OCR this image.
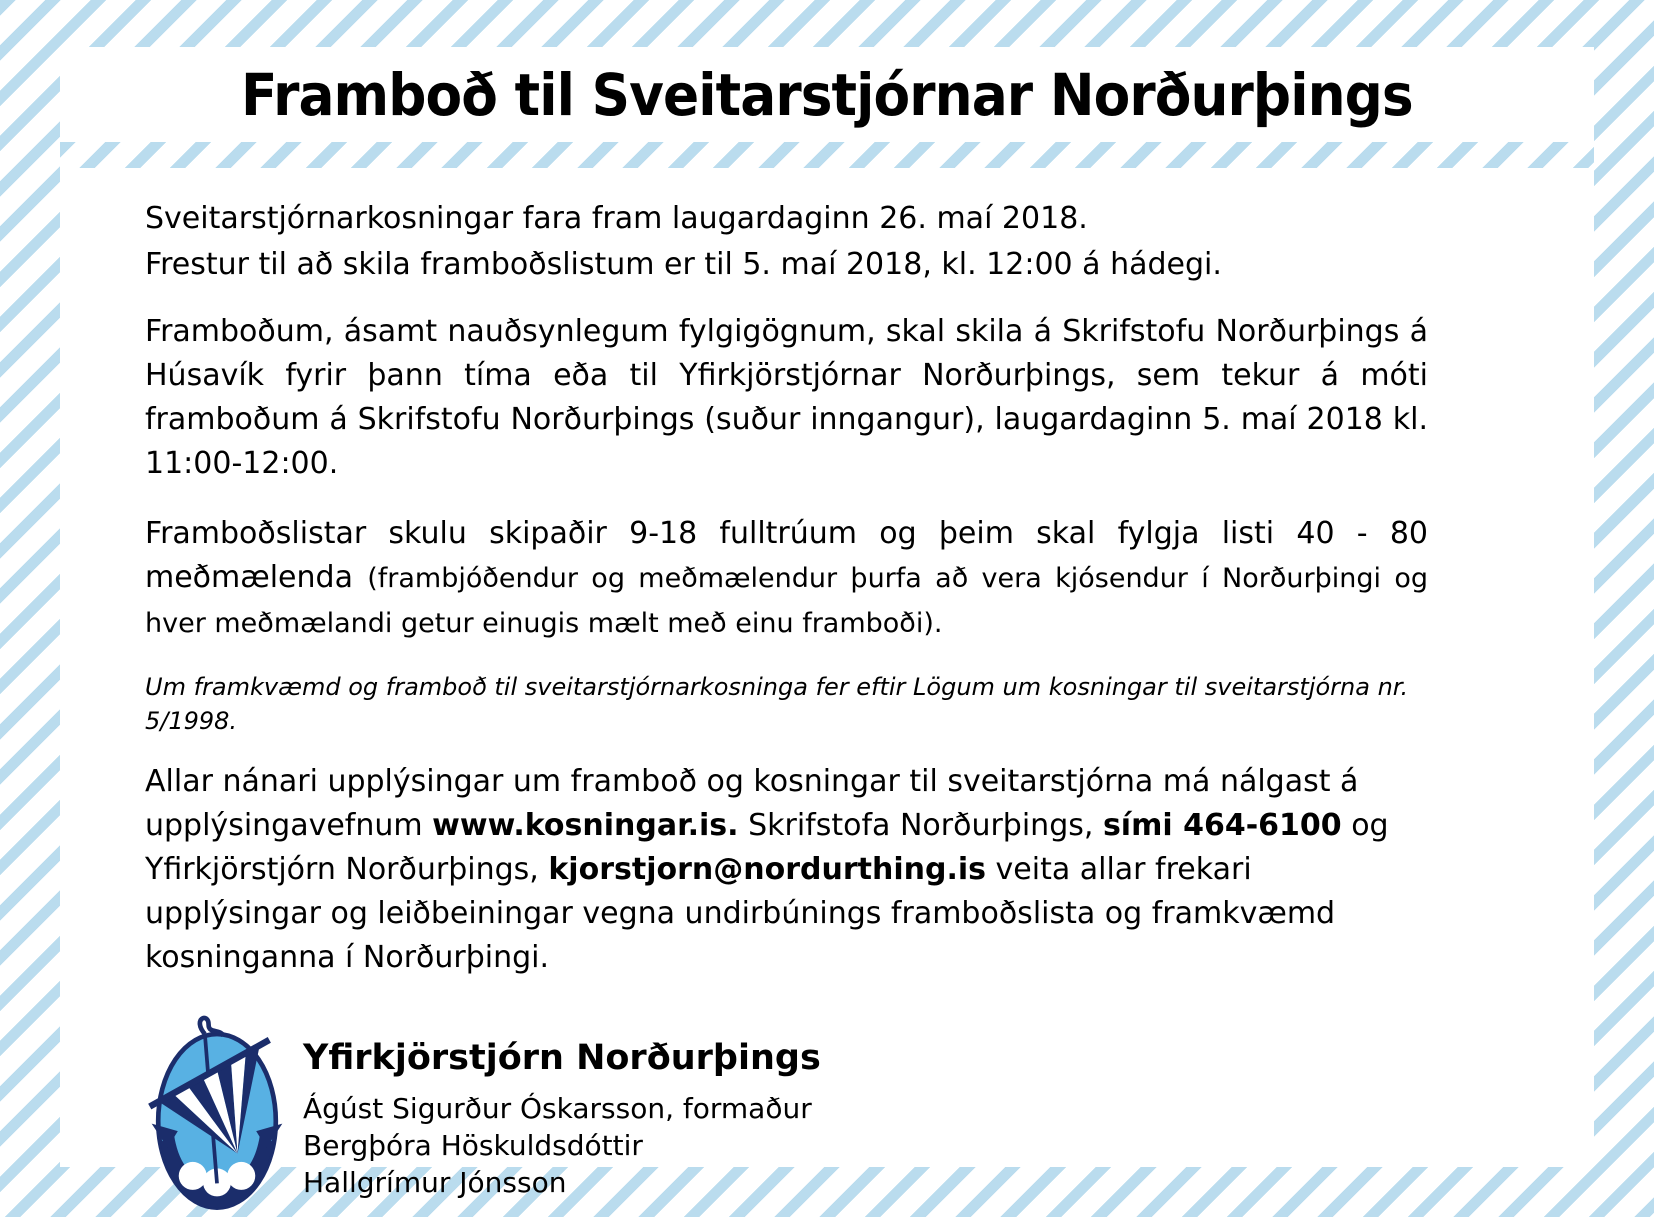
Framboð til Sveitarstjórnar Norðurþings

Sveitarstjórnarkosningar fara fram laugardaginn 26. maí 2018.
Frestur til að skila framboðslistum er til 5. maí 2018, kl. 12:00 á hádegi.

Framboðum, ásamt nauðsynlegum fylgigögnum, skal skila á Skrifstofu Norðurþings á Húsavík fyrir þann tíma eða til Yfirkjörstjórnar Norðurþings, sem tekur á móti framboðum á Skrifstofu Norðurþings (suður inngangur), laugardaginn 5. maí 2018 kl. 11:00-12:00.

Framboðslistar skulu skipaðir 9-18 fulltrúum og þeim skal fylgja listi 40 - 80 meðmælenda (frambjóðendur og meðmælendur þurfa að vera kjósendur í Norðurþingi og hver meðmælandi getur einugis mælt með einu framboði).

Um framkvæmd og framboð til sveitarstjórnarkosninga fer eftir Lögum um kosningar til sveitarstjórna nr. 5/1998.

Allar nánari upplýsingar um framboð og kosningar til sveitarstjórna má nálgast á upplýsingavefnum www.kosningar.is. Skrifstofa Norðurþings, sími 464-6100 og Yfirkjörstjórn Norðurþings, kjorstjorn@nordurthing.is veita allar frekari upplýsingar og leiðbeiningar vegna undirbúnings framboðslista og framkvæmd kosninganna í Norðurþingi.

Yfirkjörstjórn Norðurþings
Ágúst Sigurður Óskarsson, formaður
Bergþóra Höskuldsdóttir
Hallgrímur Jónsson
